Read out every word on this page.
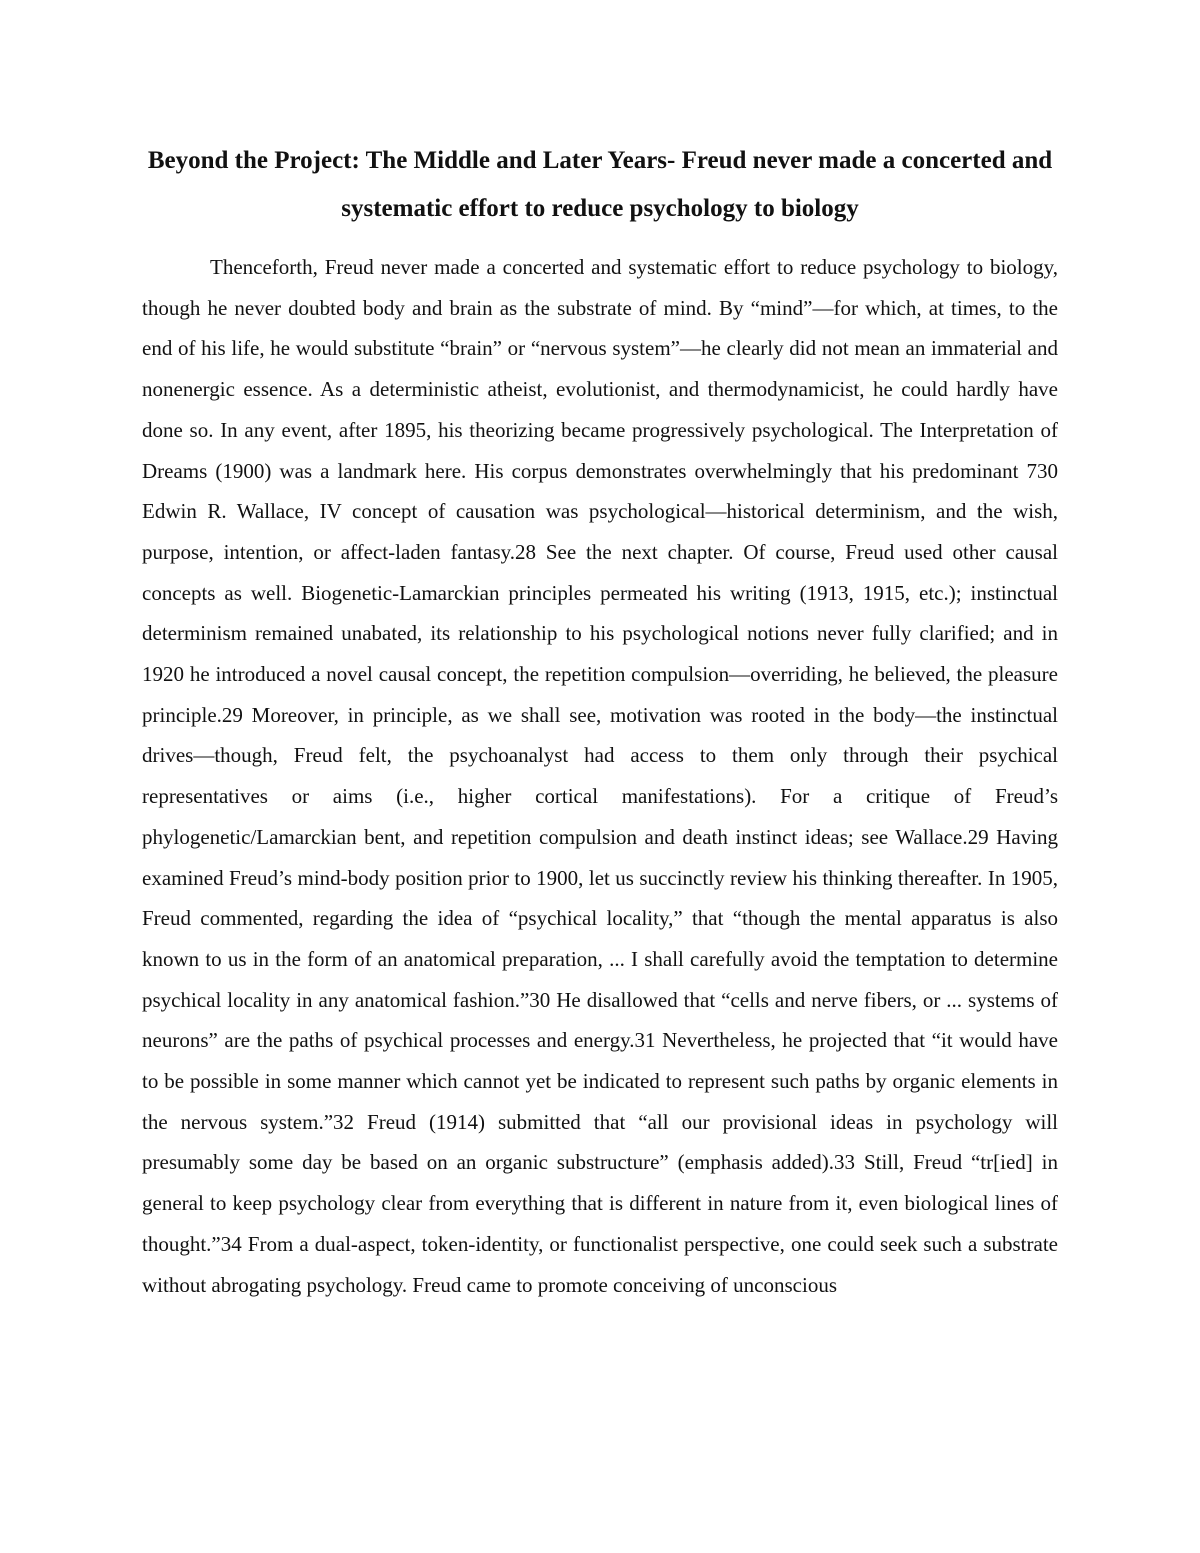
Beyond the Project: The Middle and Later Years- Freud never made a concerted and systematic effort to reduce psychology to biology

Thenceforth, Freud never made a concerted and systematic effort to reduce psychology to biology, though he never doubted body and brain as the substrate of mind. By “mind”—for which, at times, to the end of his life, he would substitute “brain” or “nervous system”—he clearly did not mean an immaterial and nonenergic essence. As a deterministic atheist, evolutionist, and thermodynamicist, he could hardly have done so. In any event, after 1895, his theorizing became progressively psychological. The Interpretation of Dreams (1900) was a landmark here. His corpus demonstrates overwhelmingly that his predominant 730 Edwin R. Wallace, IV concept of causation was psychological—historical determinism, and the wish, purpose, intention, or affect-laden fantasy.28 See the next chapter. Of course, Freud used other causal concepts as well. Biogenetic-Lamarckian principles permeated his writing (1913, 1915, etc.); instinctual determinism remained unabated, its relationship to his psychological notions never fully clarified; and in 1920 he introduced a novel causal concept, the repetition compulsion—overriding, he believed, the pleasure principle.29 Moreover, in principle, as we shall see, motivation was rooted in the body—the instinctual drives—though, Freud felt, the psychoanalyst had access to them only through their psychical representatives or aims (i.e., higher cortical manifestations). For a critique of Freud’s phylogenetic/Lamarckian bent, and repetition compulsion and death instinct ideas; see Wallace.29 Having examined Freud’s mind-body position prior to 1900, let us succinctly review his thinking thereafter. In 1905, Freud commented, regarding the idea of “psychical locality,” that “though the mental apparatus is also known to us in the form of an anatomical preparation, ... I shall carefully avoid the temptation to determine psychical locality in any anatomical fashion.”30 He disallowed that “cells and nerve fibers, or ... systems of neurons” are the paths of psychical processes and energy.31 Nevertheless, he projected that “it would have to be possible in some manner which cannot yet be indicated to represent such paths by organic elements in the nervous system.”32 Freud (1914) submitted that “all our provisional ideas in psychology will presumably some day be based on an organic substructure” (emphasis added).33 Still, Freud “tr[ied] in general to keep psychology clear from everything that is different in nature from it, even biological lines of thought.”34 From a dual-aspect, token-identity, or functionalist perspective, one could seek such a substrate without abrogating psychology. Freud came to promote conceiving of unconscious
